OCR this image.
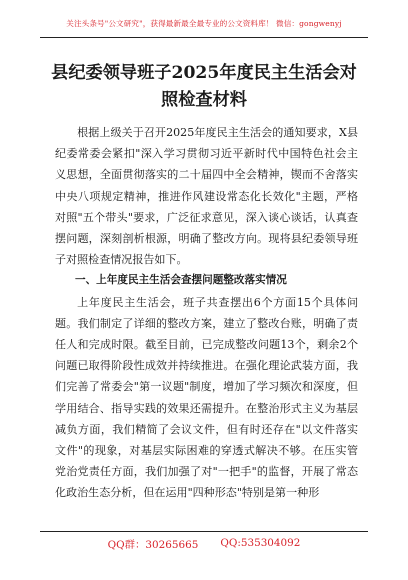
关注头条号"公文研究"，获得最新最全最专业的公文资料库！ 微信：gongwenyj
县纪委领导班子2025年度民主生活会对
照检查材料

根据上级关于召开2025年度民主生活会的通知要求，X县纪委常委会紧扣"深入学习贯彻习近平新时代中国特色社会主义思想，全面贯彻落实的二十届四中全会精神，锲而不舍落实中央八项规定精神，推进作风建设常态化长效化"主题，严格对照"五个带头"要求，广泛征求意见，深入谈心谈话，认真查摆问题，深刻剖析根源，明确了整改方向。现将县纪委领导班子对照检查情况报告如下。

一、上年度民主生活会查摆问题整改落实情况

上年度民主生活会，班子共查摆出6个方面15个具体问题。我们制定了详细的整改方案，建立了整改台账，明确了责任人和完成时限。截至目前，已完成整改问题13个，剩余2个问题已取得阶段性成效并持续推进。在强化理论武装方面，我们完善了常委会"第一议题"制度，增加了学习频次和深度，但学用结合、指导实践的效果还需提升。在整治形式主义为基层减负方面，我们精简了会议文件，但有时还存在"以文件落实文件"的现象，对基层实际困难的穿透式解决不够。在压实管党治党责任方面，我们加强了对"一把手"的监督，开展了常态化政治生态分析，但在运用"四种形态"特别是第一种形

QQ群：30265665 QQ:535304092
